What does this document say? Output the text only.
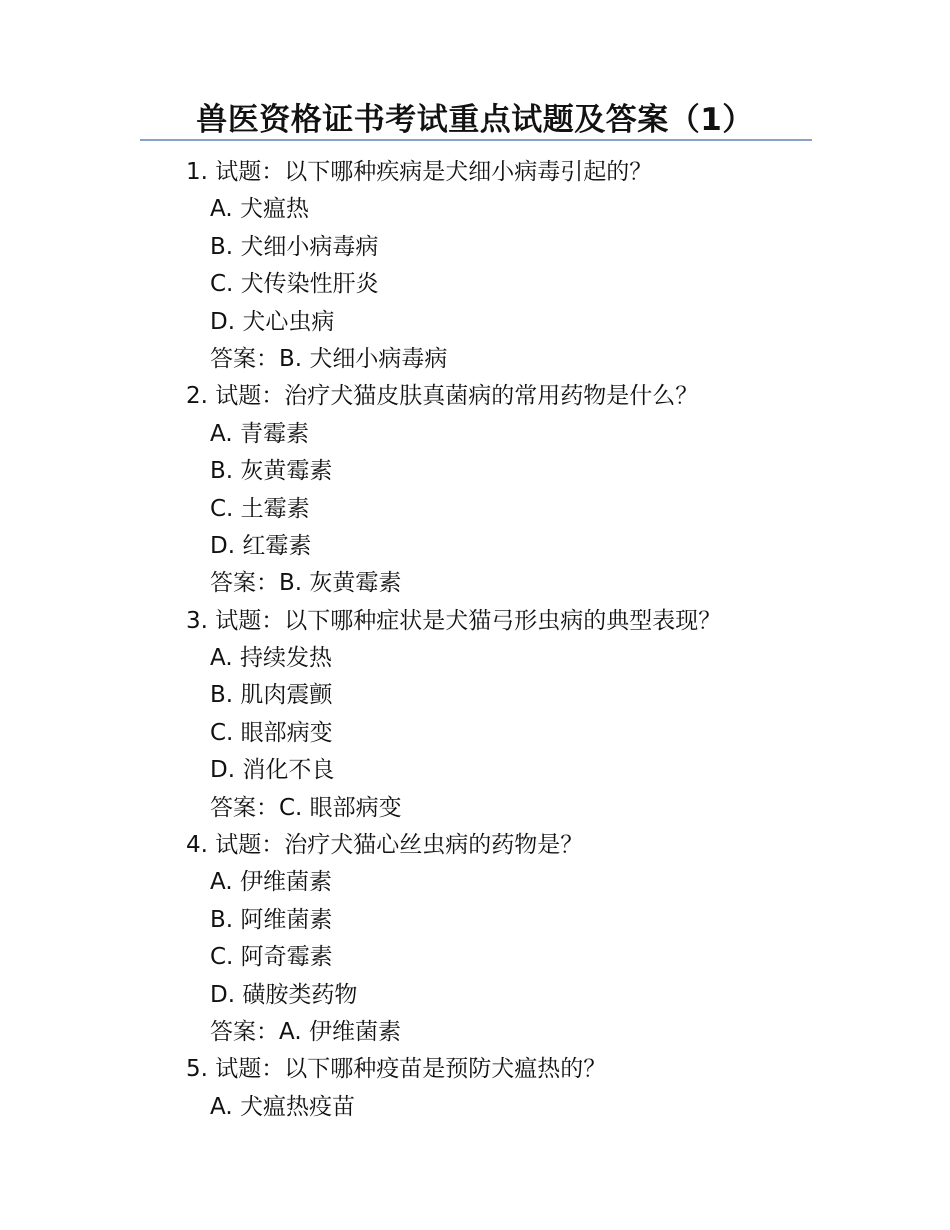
兽医资格证书考试重点试题及答案（1）
1. 试题：以下哪种疾病是犬细小病毒引起的？
A. 犬瘟热
B. 犬细小病毒病
C. 犬传染性肝炎
D. 犬心虫病
答案：B. 犬细小病毒病
2. 试题：治疗犬猫皮肤真菌病的常用药物是什么？
A. 青霉素
B. 灰黄霉素
C. 土霉素
D. 红霉素
答案：B. 灰黄霉素
3. 试题：以下哪种症状是犬猫弓形虫病的典型表现？
A. 持续发热
B. 肌肉震颤
C. 眼部病变
D. 消化不良
答案：C. 眼部病变
4. 试题：治疗犬猫心丝虫病的药物是？
A. 伊维菌素
B. 阿维菌素
C. 阿奇霉素
D. 磺胺类药物
答案：A. 伊维菌素
5. 试题：以下哪种疫苗是预防犬瘟热的？
A. 犬瘟热疫苗
